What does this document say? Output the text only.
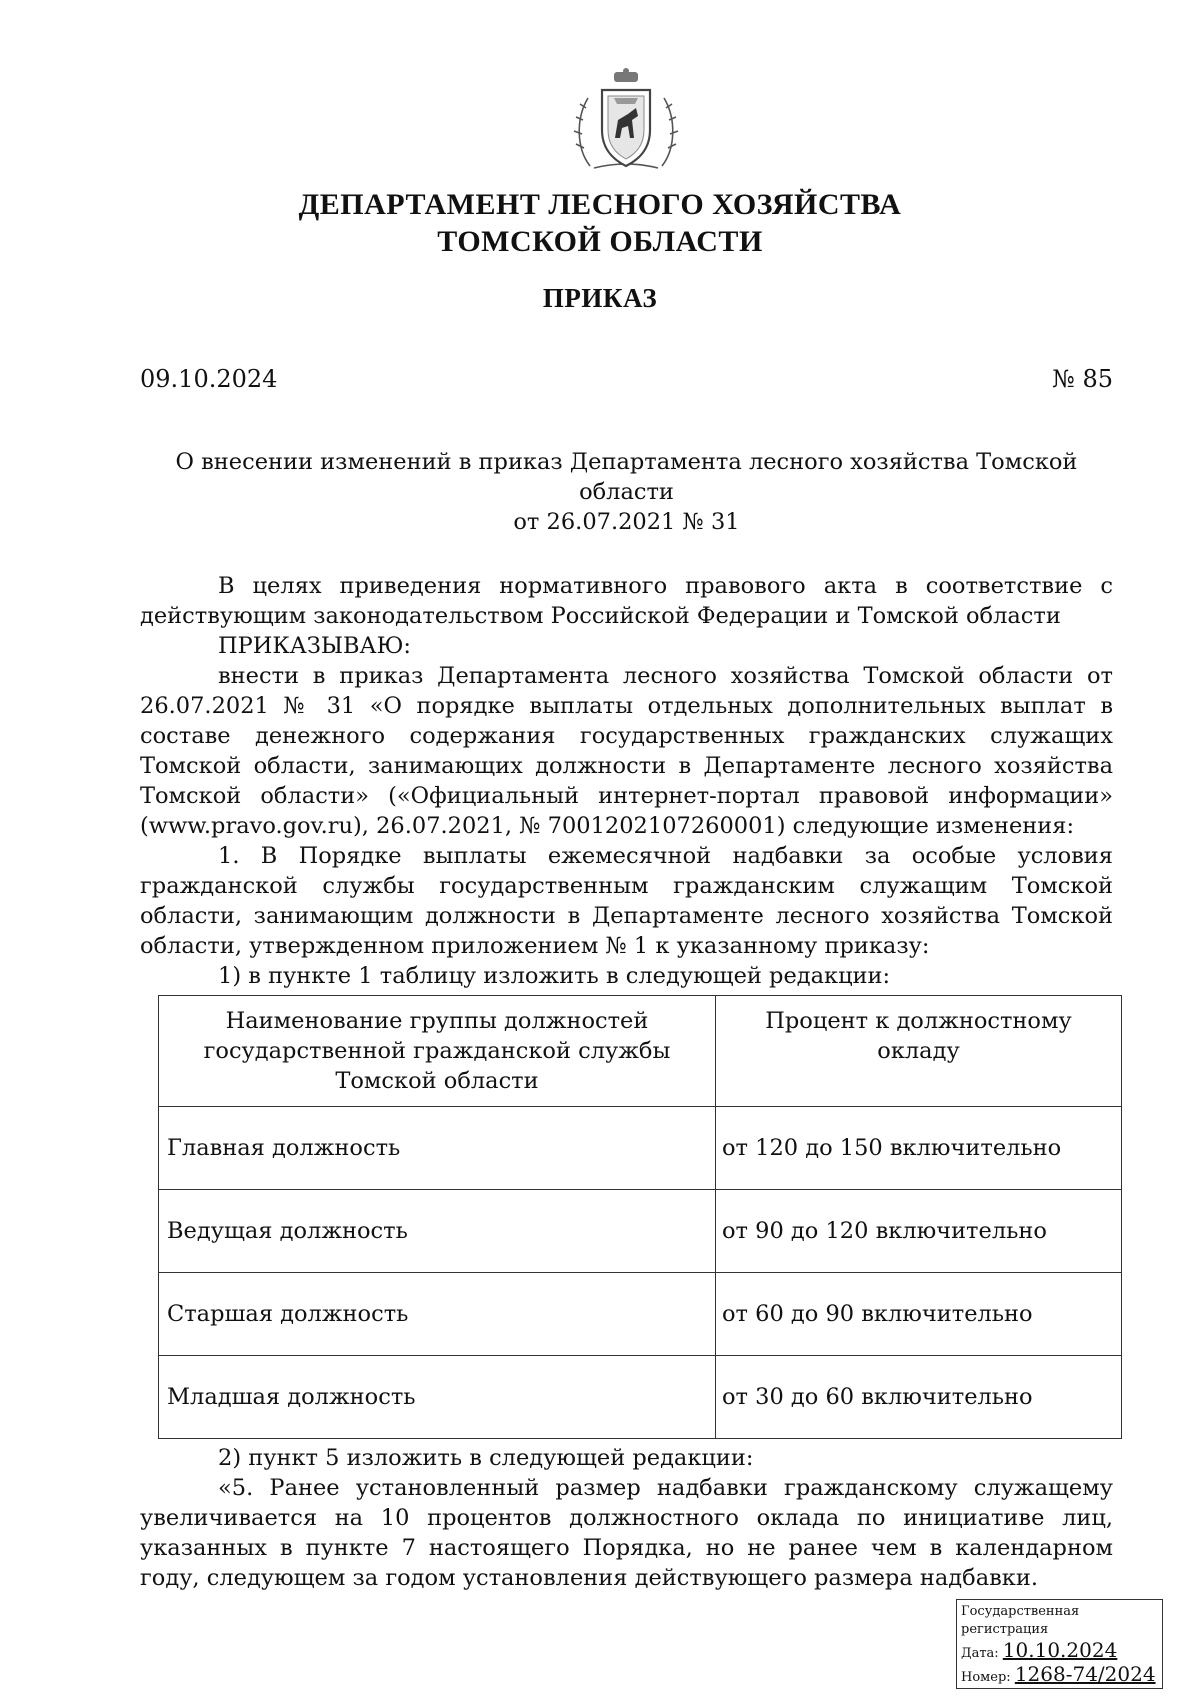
ДЕПАРТАМЕНТ ЛЕСНОГО ХОЗЯЙСТВА
ТОМСКОЙ ОБЛАСТИ
ПРИКАЗ
09.10.2024	№ 85
О внесении изменений в приказ Департамента лесного хозяйства Томской области
от 26.07.2021 № 31

В целях приведения нормативного правового акта в соответствие с действующим законодательством Российской Федерации и Томской области

ПРИКАЗЫВАЮ:

внести в приказ Департамента лесного хозяйства Томской области от 26.07.2021 № 31 «О порядке выплаты отдельных дополнительных выплат в составе денежного содержания государственных гражданских служащих Томской области, занимающих должности в Департаменте лесного хозяйства Томской области» («Официальный интернет-портал правовой информации» (www.pravo.gov.ru), 26.07.2021, № 7001202107260001) следующие изменения:

1. В Порядке выплаты ежемесячной надбавки за особые условия гражданской службы государственным гражданским служащим Томской области, занимающим должности в Департаменте лесного хозяйства Томской области, утвержденном приложением № 1 к указанному приказу:

1) в пункте 1 таблицу изложить в следующей редакции:

Наименование группы должностей государственной гражданской службы Томской области	Процент к должностному окладу
Главная должность	от 120 до 150 включительно
Ведущая должность	от 90 до 120 включительно
Старшая должность	от 60 до 90 включительно
Младшая должность	от 30 до 60 включительно

2) пункт 5 изложить в следующей редакции:

«5. Ранее установленный размер надбавки гражданскому служащему увеличивается на 10 процентов должностного оклада по инициативе лиц, указанных в пункте 7 настоящего Порядка, но не ранее чем в календарном году, следующем за годом установления действующего размера надбавки.

Государственная регистрация
Дата: 10.10.2024
Номер: 1268-74/2024
